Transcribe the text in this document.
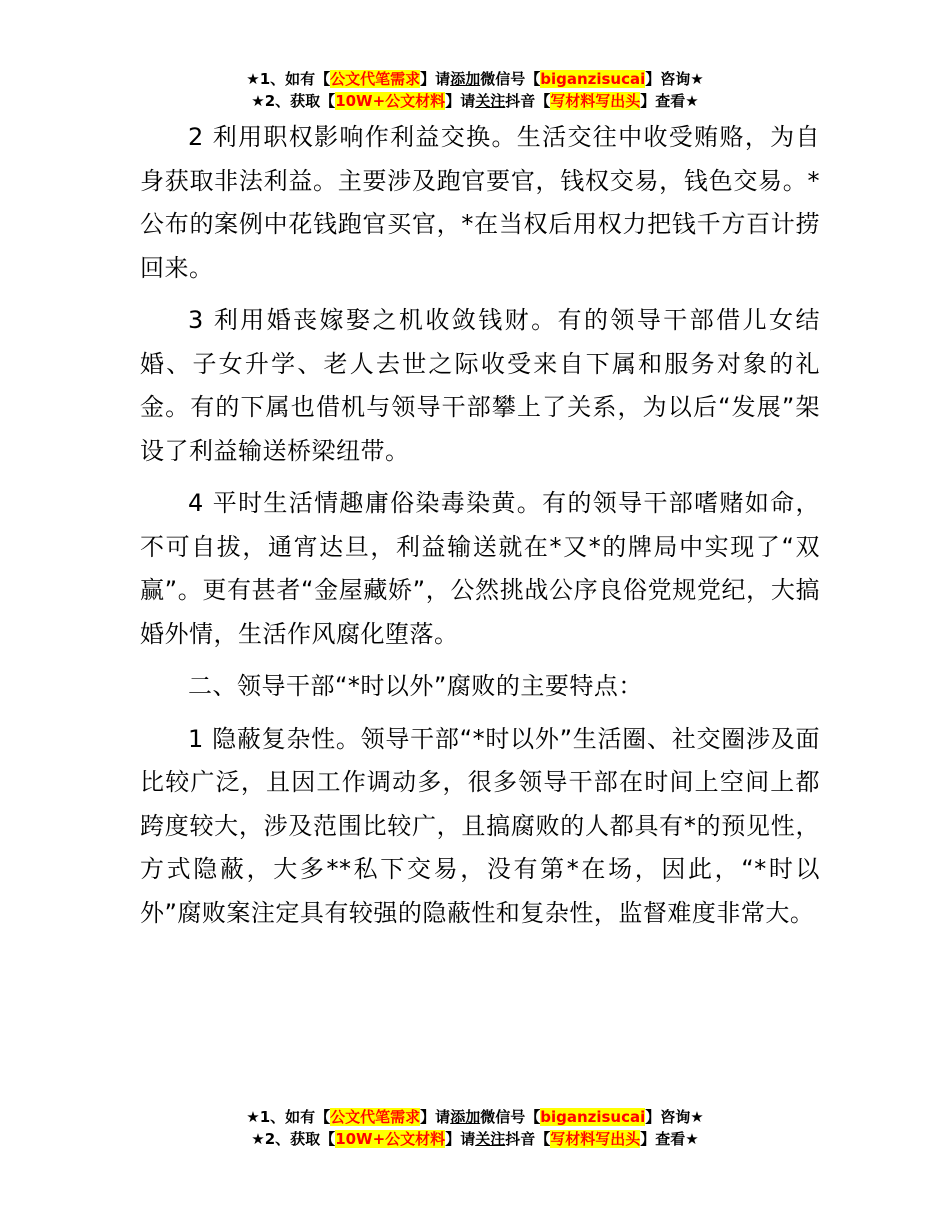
★1、如有【公文代笔需求】请添加微信号【biganzisucai】咨询★
★2、获取【10W+公文材料】请关注抖音【写材料写出头】查看★

2 利用职权影响作利益交换。生活交往中收受贿赂，为自身获取非法利益。主要涉及跑官要官，钱权交易，钱色交易。*公布的案例中花钱跑官买官，*在当权后用权力把钱千方百计捞回来。

3 利用婚丧嫁娶之机收敛钱财。有的领导干部借儿女结婚、子女升学、老人去世之际收受来自下属和服务对象的礼金。有的下属也借机与领导干部攀上了关系，为以后“发展”架设了利益输送桥梁纽带。

4 平时生活情趣庸俗染毒染黄。有的领导干部嗜赌如命，不可自拔，通宵达旦，利益输送就在*又*的牌局中实现了“双赢”。更有甚者“金屋藏娇”，公然挑战公序良俗党规党纪，大搞婚外情，生活作风腐化堕落。

二、领导干部“*时以外”腐败的主要特点：

1 隐蔽复杂性。领导干部“*时以外”生活圈、社交圈涉及面比较广泛，且因工作调动多，很多领导干部在时间上空间上都跨度较大，涉及范围比较广，且搞腐败的人都具有*的预见性，方式隐蔽，大多**私下交易，没有第*在场，因此，“*时以外”腐败案注定具有较强的隐蔽性和复杂性，监督难度非常大。

★1、如有【公文代笔需求】请添加微信号【biganzisucai】咨询★
★2、获取【10W+公文材料】请关注抖音【写材料写出头】查看★
